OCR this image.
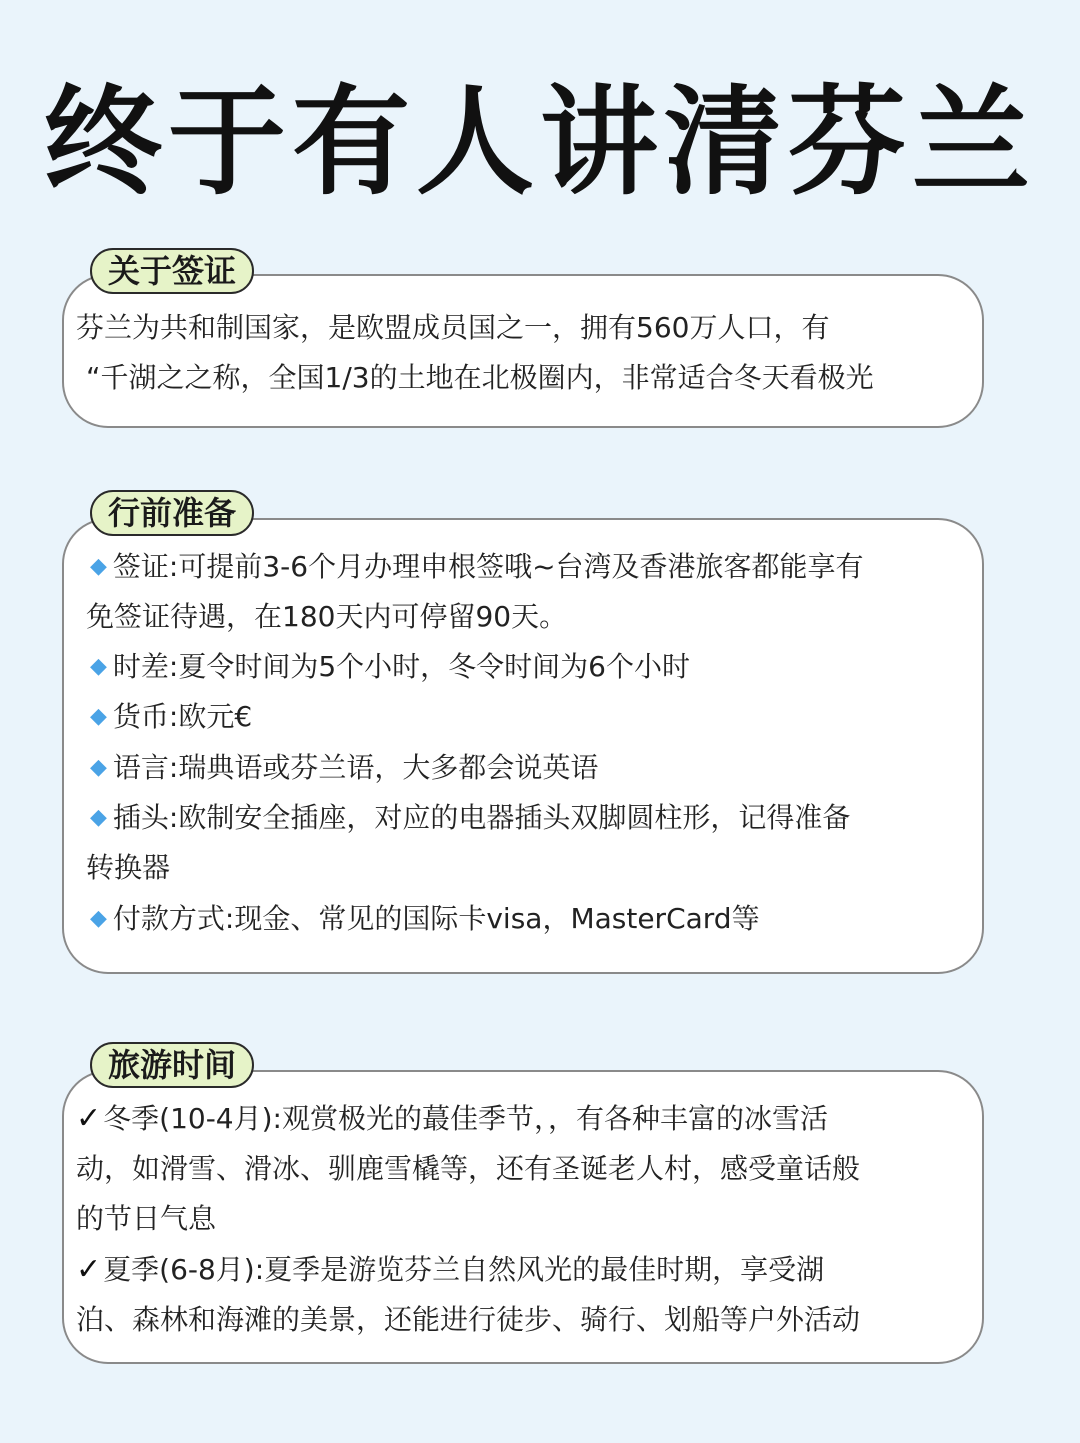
终于有人讲清芬兰
关于签证
芬兰为共和制国家，是欧盟成员国之一，拥有560万人口，有
“千湖之之称，全国1/3的土地在北极圈内，非常适合冬天看极光
行前准备
◆ 签证:可提前3-6个月办理申根签哦~台湾及香港旅客都能享有
免签证待遇，在180天内可停留90天。
◆ 时差:夏令时间为5个小时，冬令时间为6个小时
◆ 货币:欧元€
◆ 语言:瑞典语或芬兰语，大多都会说英语
◆ 插头:欧制安全插座，对应的电器插头双脚圆柱形，记得准备
转换器
◆ 付款方式:现金、常见的国际卡visa，MasterCard等
旅游时间
✓冬季(10-4月):观赏极光的蕞佳季节，，有各种丰富的冰雪活
动，如滑雪、滑冰、驯鹿雪橇等，还有圣诞老人村，感受童话般
的节日气息
✓夏季(6-8月):夏季是游览芬兰自然风光的最佳时期，享受湖
泊、森林和海滩的美景，还能进行徒步、骑行、划船等户外活动
